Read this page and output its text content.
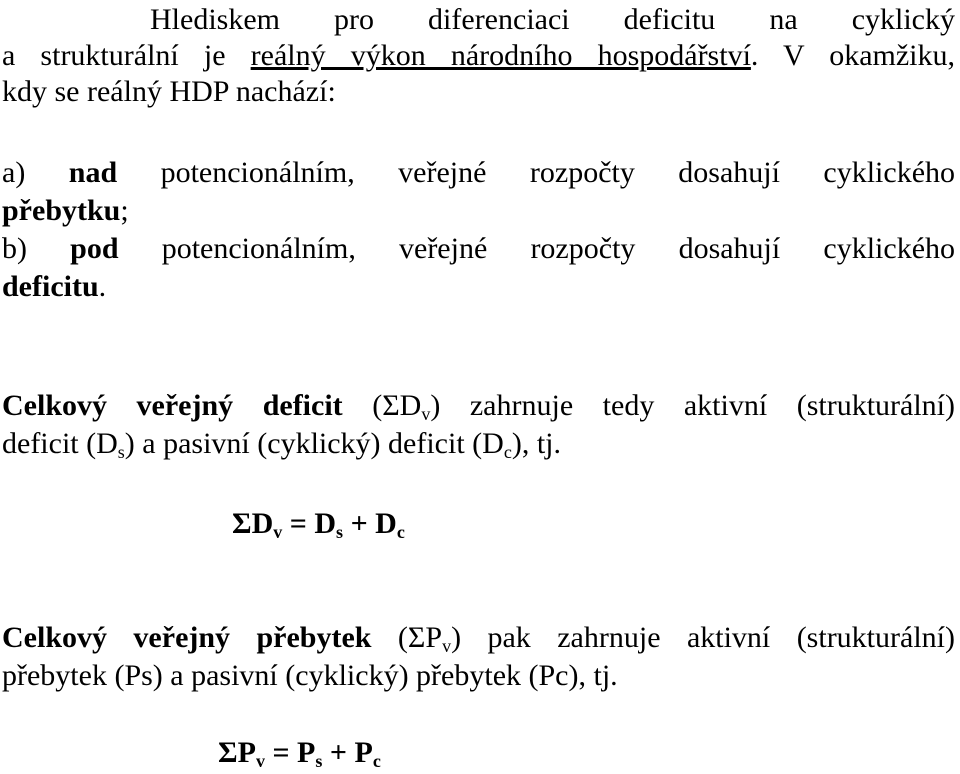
Hlediskem pro diferenciaci deficitu na cyklický
a strukturální je reálný výkon národního hospodářství. V okamžiku,
kdy se reálný HDP nachází:
a) nad potencionálním, veřejné rozpočty dosahují cyklického
přebytku;
b) pod potencionálním, veřejné rozpočty dosahují cyklického
deficitu.
Celkový veřejný deficit $(\Sigma D_v)$ zahrnuje tedy aktivní (strukturální)
deficit $(D_s)$ a pasivní (cyklický) deficit $(D_c)$, tj.
$\Sigma D_v = D_s + D_c$
Celkový veřejný přebytek $(\Sigma P_v)$ pak zahrnuje aktivní (strukturální)
přebytek (Ps) a pasivní (cyklický) přebytek (Pc), tj.
$\Sigma P_v = P_s + P_c$
